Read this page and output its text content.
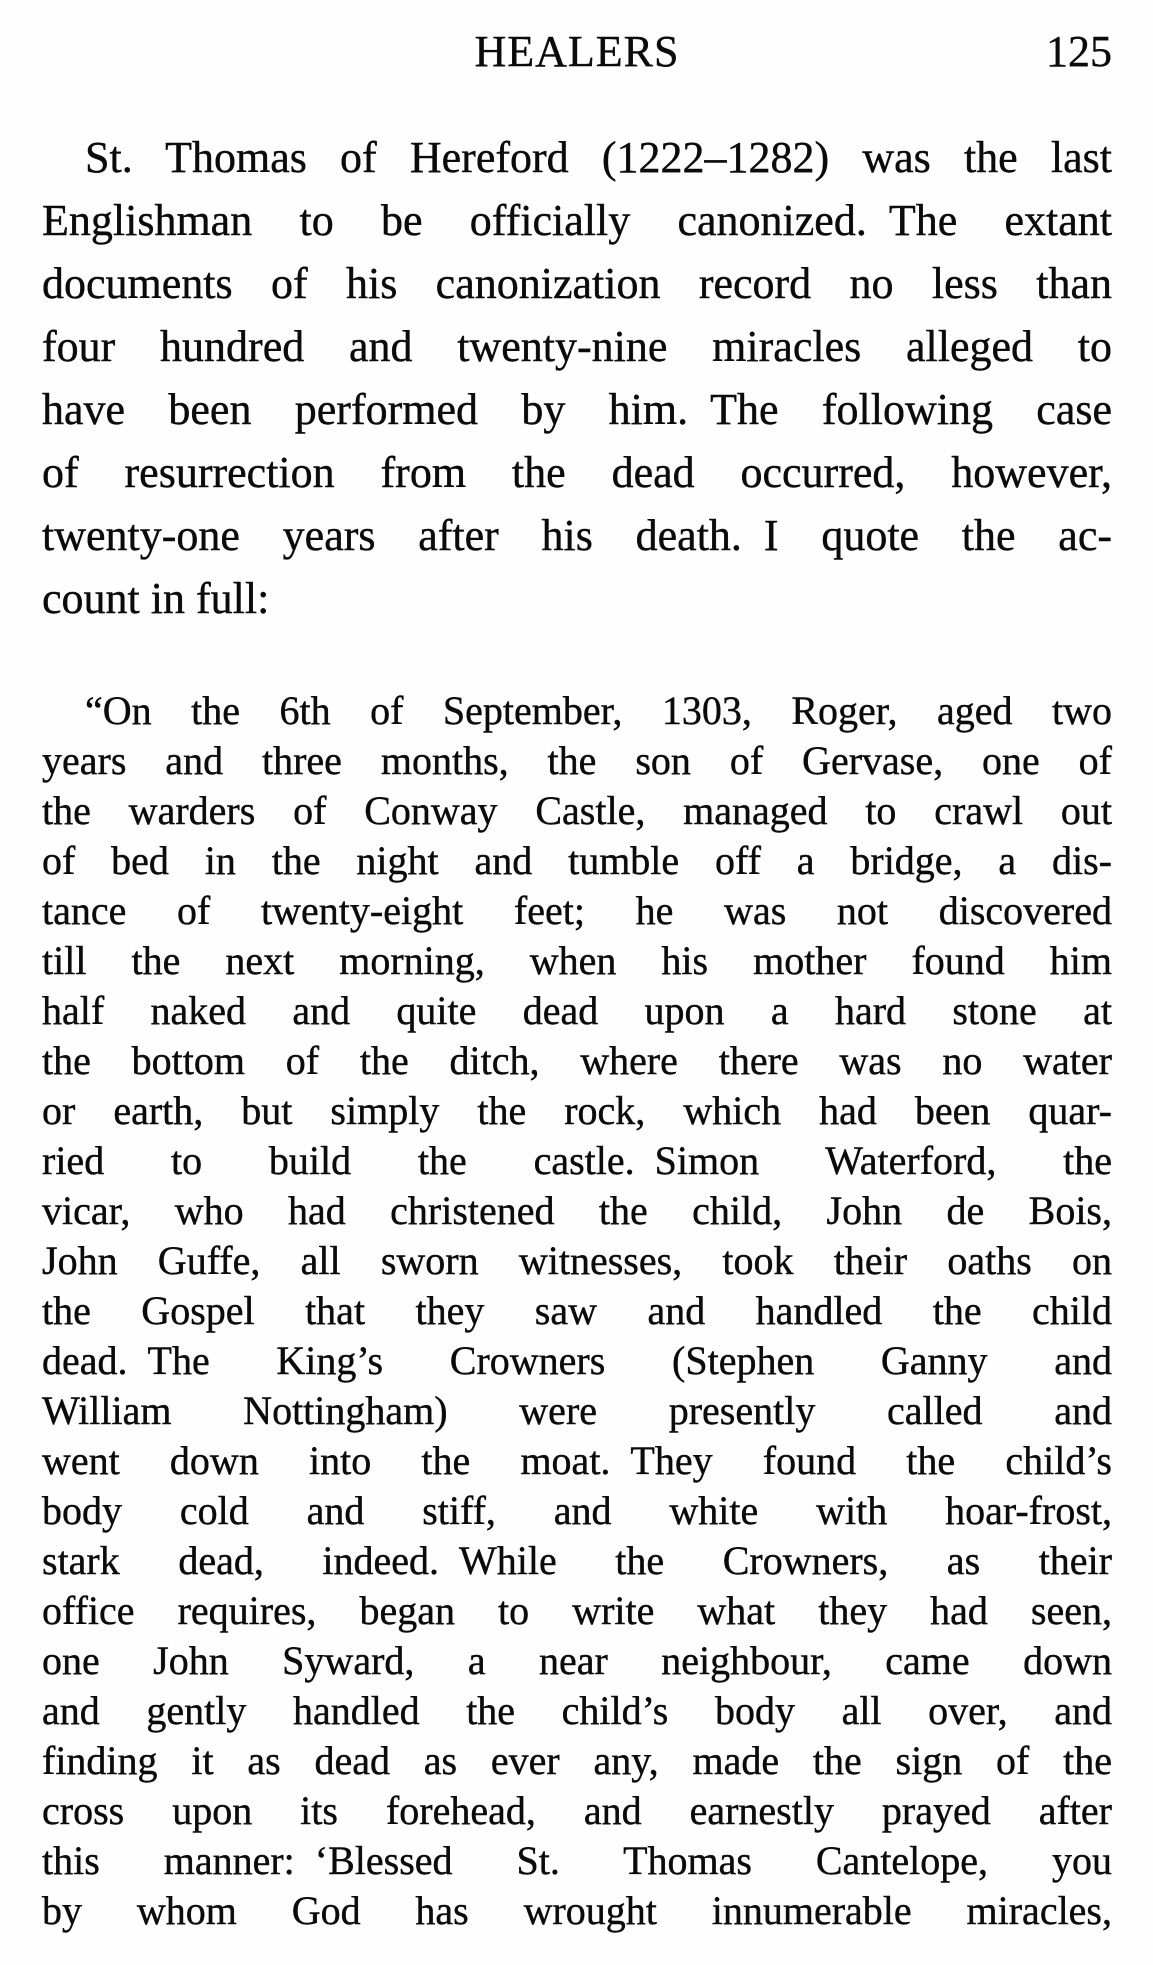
HEALERS	125
St. Thomas of Hereford (1222–1282) was the last
Englishman to be officially canonized. The extant
documents of his canonization record no less than
four hundred and twenty-nine miracles alleged to
have been performed by him. The following case
of resurrection from the dead occurred, however,
twenty-one years after his death. I quote the ac-
count in full:
“On the 6th of September, 1303, Roger, aged two
years and three months, the son of Gervase, one of
the warders of Conway Castle, managed to crawl out
of bed in the night and tumble off a bridge, a dis-
tance of twenty-eight feet; he was not discovered
till the next morning, when his mother found him
half naked and quite dead upon a hard stone at
the bottom of the ditch, where there was no water
or earth, but simply the rock, which had been quar-
ried to build the castle. Simon Waterford, the
vicar, who had christened the child, John de Bois,
John Guffe, all sworn witnesses, took their oaths on
the Gospel that they saw and handled the child
dead. The King’s Crowners (Stephen Ganny and
William Nottingham) were presently called and
went down into the moat. They found the child’s
body cold and stiff, and white with hoar-frost,
stark dead, indeed. While the Crowners, as their
office requires, began to write what they had seen,
one John Syward, a near neighbour, came down
and gently handled the child’s body all over, and
finding it as dead as ever any, made the sign of the
cross upon its forehead, and earnestly prayed after
this manner: ‘Blessed St. Thomas Cantelope, you
by whom God has wrought innumerable miracles,
